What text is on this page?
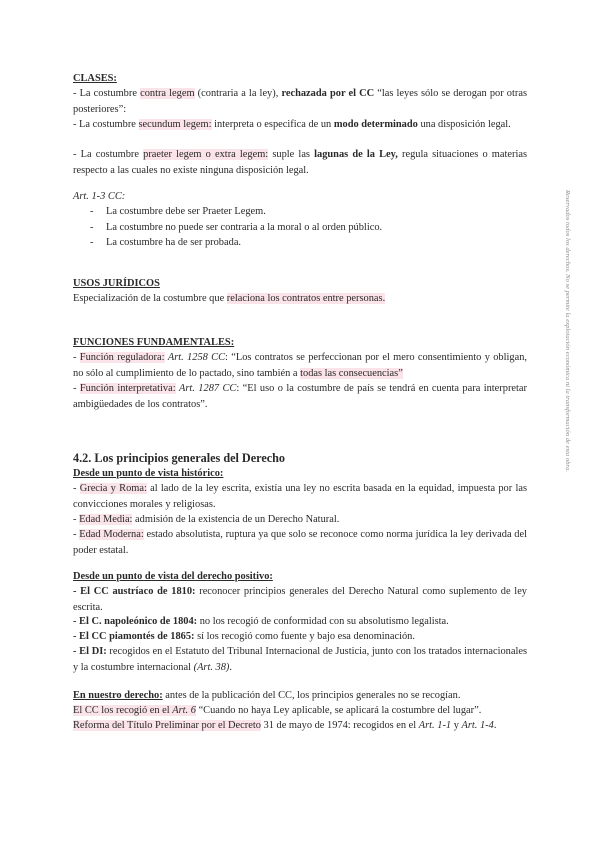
CLASES:

- La costumbre contra legem (contraria a la ley), rechazada por el CC “las leyes sólo se derogan por otras posteriores”:

- La costumbre secundum legem: interpreta o especifica de un modo determinado una disposición legal.

- La costumbre praeter legem o extra legem: suple las lagunas de la Ley, regula situaciones o materias respecto a las cuales no existe ninguna disposición legal.

Art. 1-3 CC:

- La costumbre debe ser Praeter Legem.
- La costumbre no puede ser contraria a la moral o al orden público.
- La costumbre ha de ser probada.

USOS JURÍDICOS

Especialización de la costumbre que relaciona los contratos entre personas.

FUNCIONES FUNDAMENTALES:

- Función reguladora: Art. 1258 CC: “Los contratos se perfeccionan por el mero consentimiento y obligan, no sólo al cumplimiento de lo pactado, sino también a todas las consecuencias”

- Función interpretativa: Art. 1287 CC: “El uso o la costumbre de país se tendrá en cuenta para interpretar ambigüedades de los contratos”.

4.2. Los principios generales del Derecho

Desde un punto de vista histórico:

- Grecia y Roma: al lado de la ley escrita, existía una ley no escrita basada en la equidad, impuesta por las convicciones morales y religiosas.

- Edad Media: admisión de la existencia de un Derecho Natural.

- Edad Moderna: estado absolutista, ruptura ya que solo se reconoce como norma jurídica la ley derivada del poder estatal.

Desde un punto de vista del derecho positivo:

- El CC austríaco de 1810: reconocer principios generales del Derecho Natural como suplemento de ley escrita.

- El C. napoleónico de 1804: no los recogió de conformidad con su absolutismo legalista.

- El CC piamontés de 1865: sí los recogió como fuente y bajo esa denominación.

- El DI: recogidos en el Estatuto del Tribunal Internacional de Justicia, junto con los tratados internacionales y la costumbre internacional (Art. 38).

En nuestro derecho: antes de la publicación del CC, los principios generales no se recogían.

El CC los recogió en el Art. 6 “Cuando no haya Ley aplicable, se aplicará la costumbre del lugar”.

Reforma del Título Preliminar por el Decreto 31 de mayo de 1974: recogidos en el Art. 1-1 y Art. 1-4.

Reservados todos los derechos. No se permite la explotación económica ni la transformación de esta obra.
